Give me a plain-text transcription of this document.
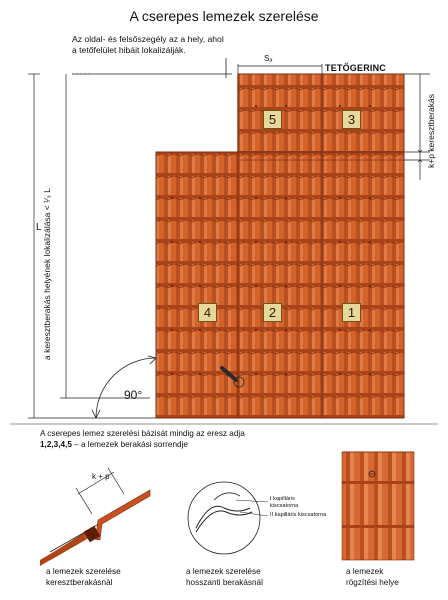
A cserepes lemezek szerelése
Az oldal- és felsőszegély az a hely, ahol
a tetőfelület hibáit lokalizálják.
TETŐGERINC
Sₐ
k+p keresztberakás
L a keresztberakás helyének lokalizálása < ¹⁄₃ L
90°
5	3
4	2	1
A cserepes lemez szerelési bázisát mindig az eresz adja
1,2,3,4,5 – a lemezek berakási sorrendje
k + p
I kapilláris
kiscsatorna
II kapilláris kiscsatorna
a lemezek szerelése
keresztberakásnál
a lemezek szerelése
hosszanti berakásnál
a lemezek
rögzítési helye
